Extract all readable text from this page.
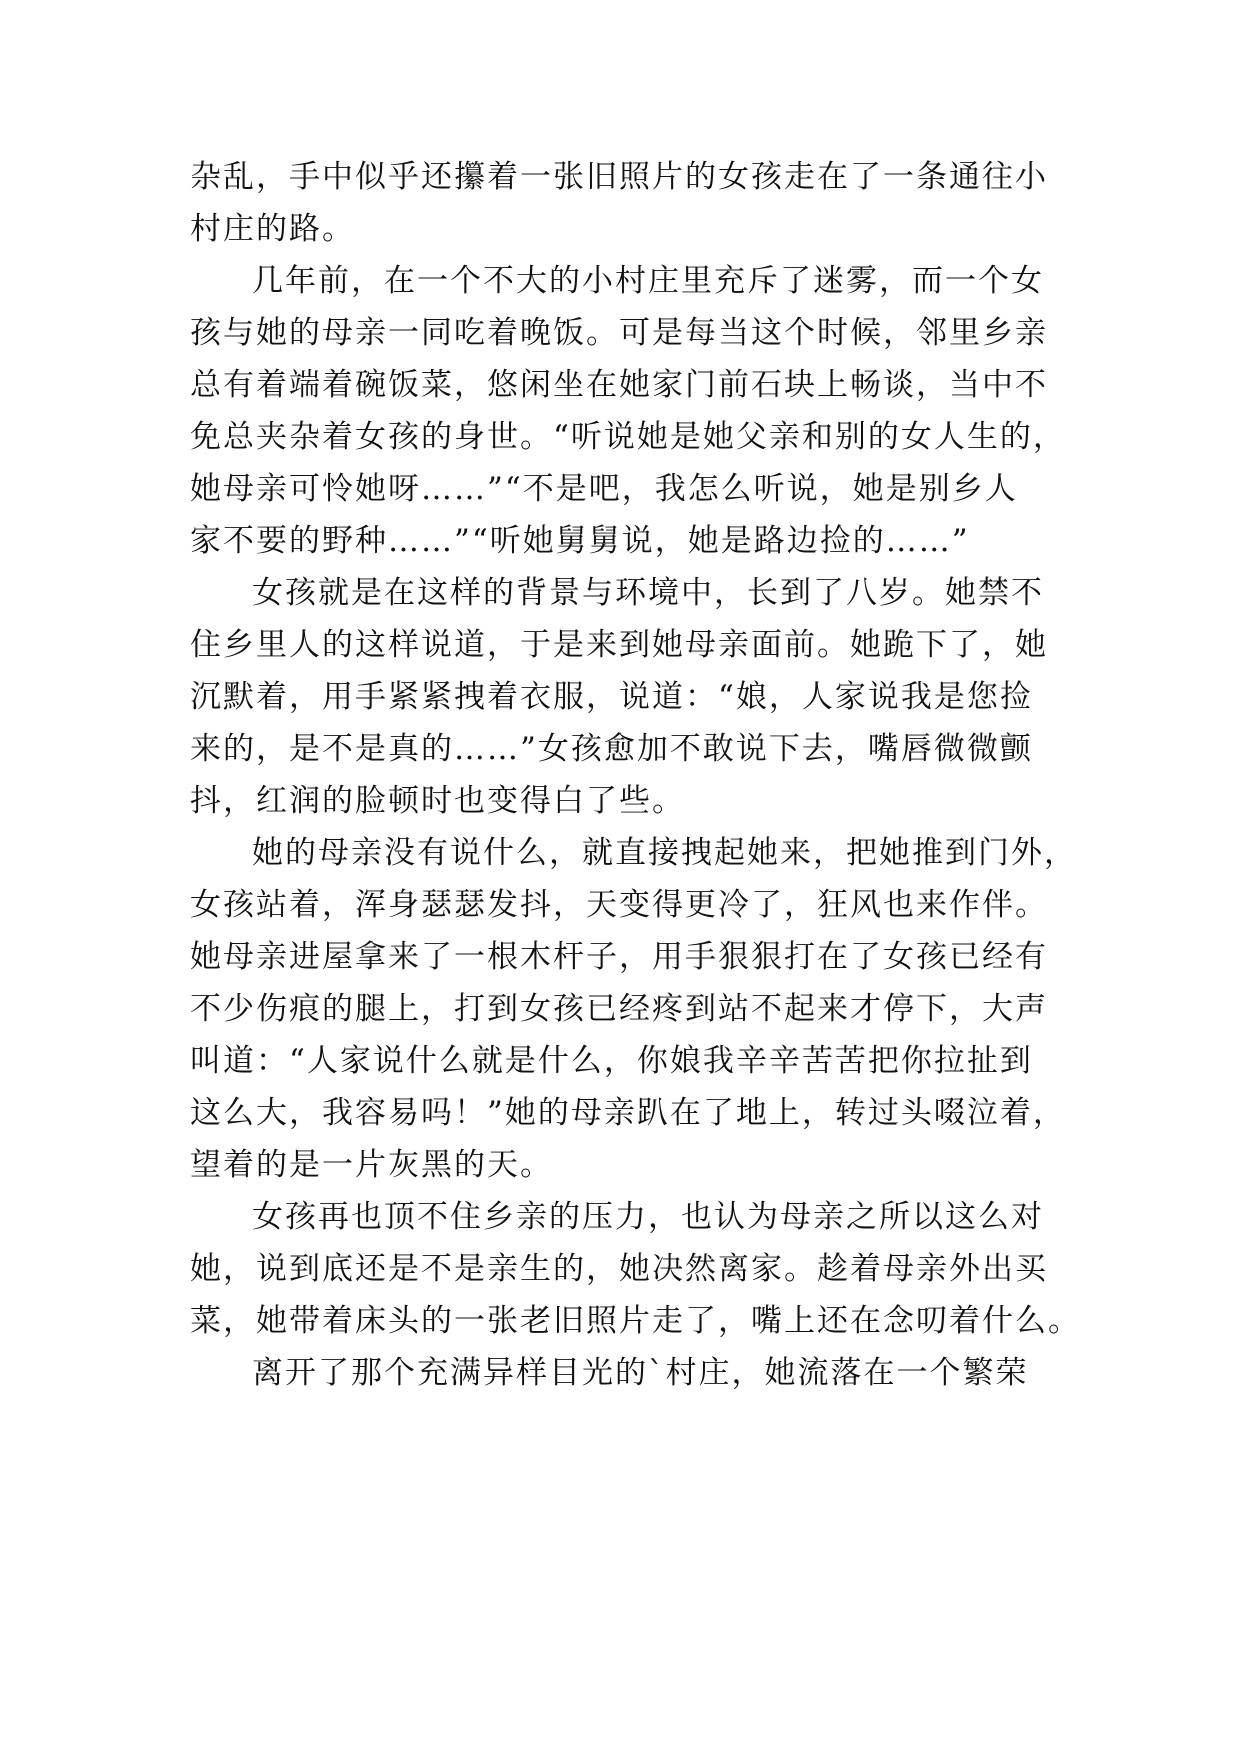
杂乱，手中似乎还攥着一张旧照片的女孩走在了一条通往小
村庄的路。
几年前，在一个不大的小村庄里充斥了迷雾，而一个女
孩与她的母亲一同吃着晚饭。可是每当这个时候，邻里乡亲
总有着端着碗饭菜，悠闲坐在她家门前石块上畅谈，当中不
免总夹杂着女孩的身世。“听说她是她父亲和别的女人生的，
她母亲可怜她呀……”“不是吧，我怎么听说，她是别乡人
家不要的野种……”“听她舅舅说，她是路边捡的……”
女孩就是在这样的背景与环境中，长到了八岁。她禁不
住乡里人的这样说道，于是来到她母亲面前。她跪下了，她
沉默着，用手紧紧拽着衣服，说道：“娘，人家说我是您捡
来的，是不是真的……”女孩愈加不敢说下去，嘴唇微微颤
抖，红润的脸顿时也变得白了些。
她的母亲没有说什么，就直接拽起她来，把她推到门外，
女孩站着，浑身瑟瑟发抖，天变得更冷了，狂风也来作伴。
她母亲进屋拿来了一根木杆子，用手狠狠打在了女孩已经有
不少伤痕的腿上，打到女孩已经疼到站不起来才停下，大声
叫道：“人家说什么就是什么，你娘我辛辛苦苦把你拉扯到
这么大，我容易吗！”她的母亲趴在了地上，转过头啜泣着，
望着的是一片灰黑的天。
女孩再也顶不住乡亲的压力，也认为母亲之所以这么对
她，说到底还是不是亲生的，她决然离家。趁着母亲外出买
菜，她带着床头的一张老旧照片走了，嘴上还在念叨着什么。
离开了那个充满异样目光的`村庄，她流落在一个繁荣
